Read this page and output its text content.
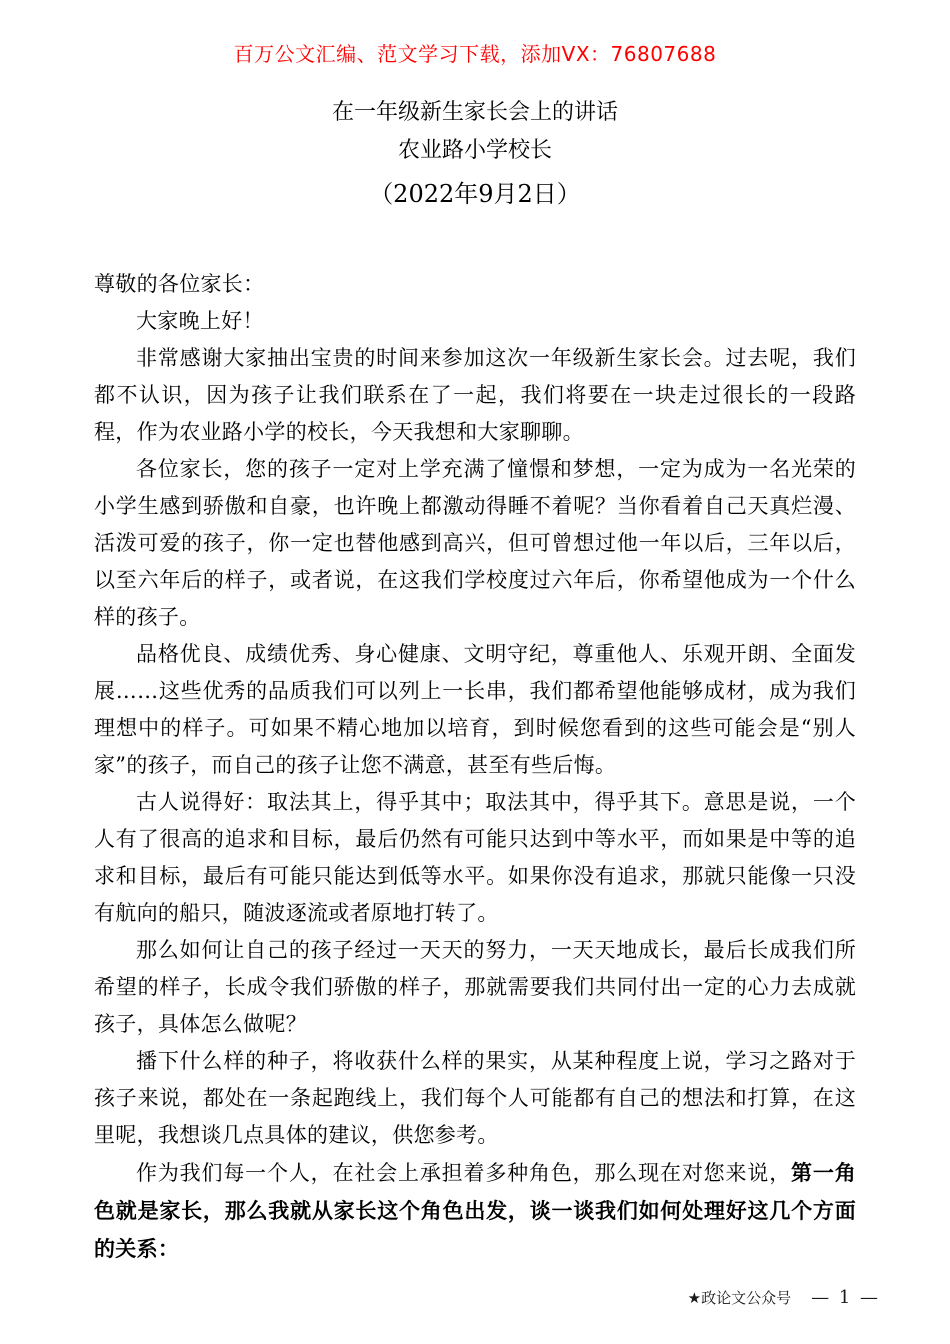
百万公文汇编、范文学习下载，添加VX：76807688
在一年级新生家长会上的讲话
农业路小学校长
（2022年9月2日）

尊敬的各位家长：

大家晚上好！

非常感谢大家抽出宝贵的时间来参加这次一年级新生家长会。过去呢，我们都不认识，因为孩子让我们联系在了一起，我们将要在一块走过很长的一段路程，作为农业路小学的校长，今天我想和大家聊聊。

各位家长，您的孩子一定对上学充满了憧憬和梦想，一定为成为一名光荣的小学生感到骄傲和自豪，也许晚上都激动得睡不着呢？当你看着自己天真烂漫、活泼可爱的孩子，你一定也替他感到高兴，但可曾想过他一年以后，三年以后，以至六年后的样子，或者说，在这我们学校度过六年后，你希望他成为一个什么样的孩子。

品格优良、成绩优秀、身心健康、文明守纪，尊重他人、乐观开朗、全面发展……这些优秀的品质我们可以列上一长串，我们都希望他能够成材，成为我们理想中的样子。可如果不精心地加以培育，到时候您看到的这些可能会是“别人家”的孩子，而自己的孩子让您不满意，甚至有些后悔。

古人说得好：取法其上，得乎其中；取法其中，得乎其下。意思是说，一个人有了很高的追求和目标，最后仍然有可能只达到中等水平，而如果是中等的追求和目标，最后有可能只能达到低等水平。如果你没有追求，那就只能像一只没有航向的船只，随波逐流或者原地打转了。

那么如何让自己的孩子经过一天天的努力，一天天地成长，最后长成我们所希望的样子，长成令我们骄傲的样子，那就需要我们共同付出一定的心力去成就孩子，具体怎么做呢？

播下什么样的种子，将收获什么样的果实，从某种程度上说，学习之路对于孩子来说，都处在一条起跑线上，我们每个人可能都有自己的想法和打算，在这里呢，我想谈几点具体的建议，供您参考。

作为我们每一个人，在社会上承担着多种角色，那么现在对您来说，第一角色就是家长，那么我就从家长这个角色出发，谈一谈我们如何处理好这几个方面的关系：

★政论文公众号 — 1 —
